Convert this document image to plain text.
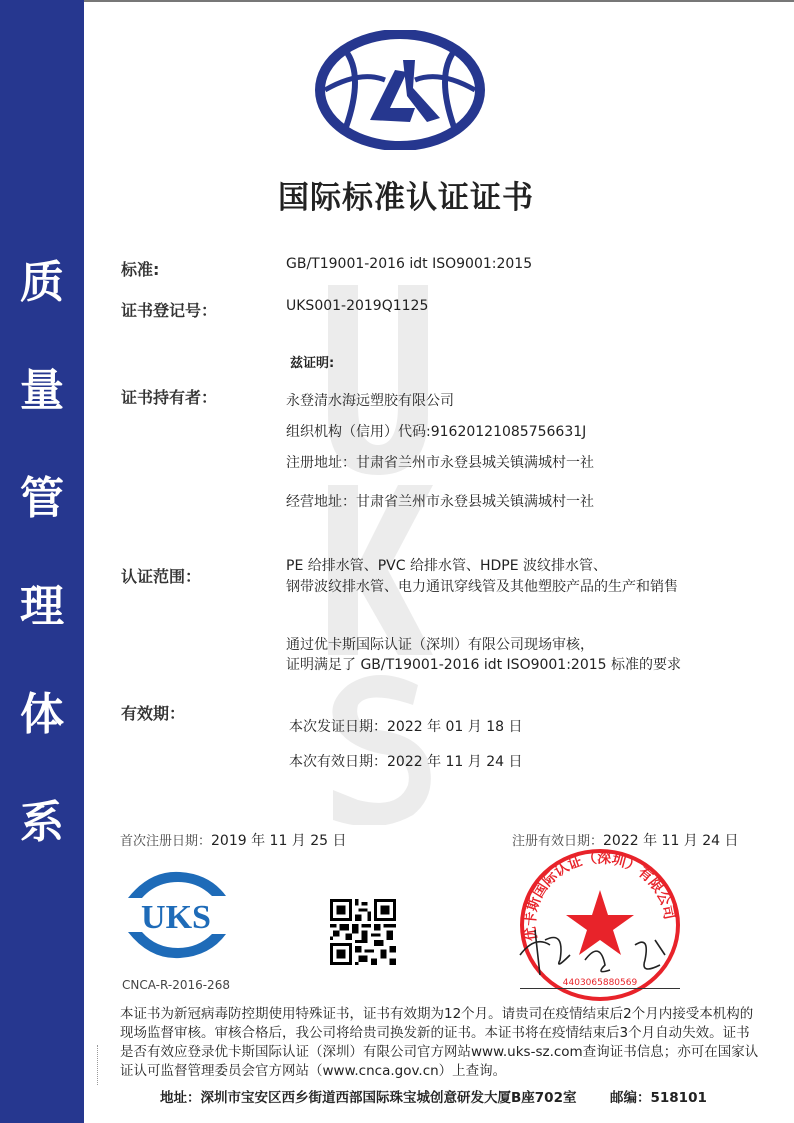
质
量
管
理
体
系
国际标准认证证书
标准:	GB/T19001-2016 idt ISO9001:2015
证书登记号：	UKS001-2019Q1125
兹证明:
证书持有者：	永登清水海远塑胶有限公司
组织机构（信用）代码:91620121085756631J
注册地址：甘肃省兰州市永登县城关镇满城村一社
经营地址：甘肃省兰州市永登县城关镇满城村一社
认证范围：
PE 给排水管、PVC 给排水管、HDPE 波纹排水管、
钢带波纹排水管、电力通讯穿线管及其他塑胶产品的生产和销售
通过优卡斯国际认证（深圳）有限公司现场审核，
证明满足了 GB/T19001-2016 idt ISO9001:2015 标准的要求
有效期：
本次发证日期：2022 年 01 月 18 日
本次有效日期：2022 年 11 月 24 日
首次注册日期：2019 年 11 月 25 日	注册有效日期：2022 年 11 月 24 日
UKS
CNCA-R-2016-268
优卡斯国际认证（深圳）有限公司
4403065880569
本证书为新冠病毒防控期使用特殊证书，证书有效期为12个月。请贵司在疫情结束后2个月内接受本机构的现场监督审核。审核合格后，我公司将给贵司换发新的证书。本证书将在疫情结束后3个月自动失效。证书是否有效应登录优卡斯国际认证（深圳）有限公司官方网站www.uks-sz.com查询证书信息；亦可在国家认证认可监督管理委员会官方网站（www.cnca.gov.cn）上查询。
地址：深圳市宝安区西乡街道西部国际珠宝城创意研发大厦B座702室 邮编：518101
